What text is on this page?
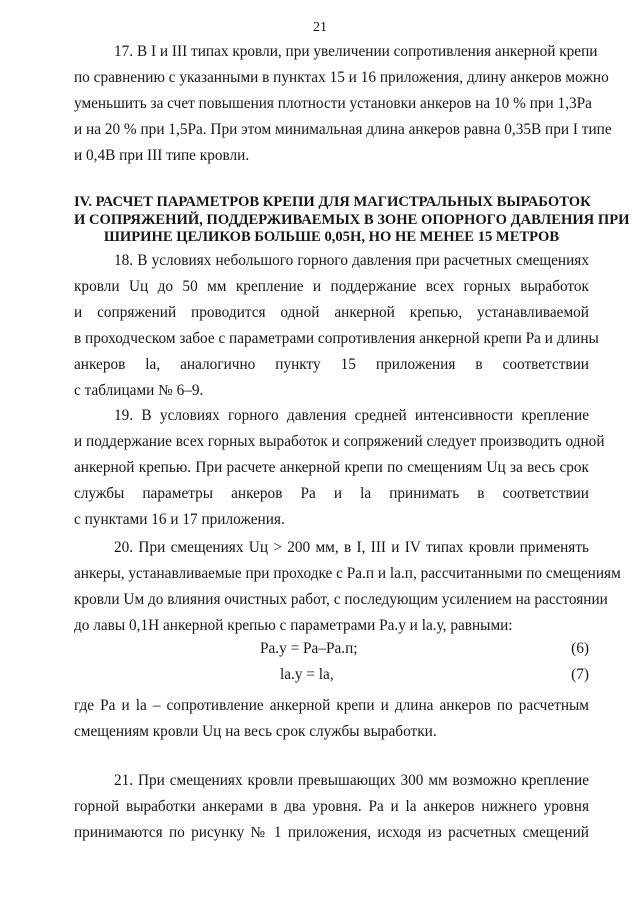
21
17. В I и III типах кровли, при увеличении сопротивления анкерной крепи
по сравнению с указанными в пунктах 15 и 16 приложения, длину анкеров можно
уменьшить за счет повышения плотности установки анкеров на 10 % при 1,3Pа
и на 20 % при 1,5Pа. При этом минимальная длина анкеров равна 0,35B при I типе
и 0,4B при III типе кровли.
IV. РАСЧЕТ ПАРАМЕТРОВ КРЕПИ ДЛЯ МАГИСТРАЛЬНЫХ ВЫРАБОТОК
И СОПРЯЖЕНИЙ, ПОДДЕРЖИВАЕМЫХ В ЗОНЕ ОПОРНОГО ДАВЛЕНИЯ ПРИ
ШИРИНЕ ЦЕЛИКОВ БОЛЬШЕ 0,05H, НО НЕ МЕНЕЕ 15 МЕТРОВ
18. В условиях небольшого горного давления при расчетных смещениях
кровли Uц до 50 мм крепление и поддержание всех горных выработок
и сопряжений проводится одной анкерной крепью, устанавливаемой
в проходческом забое с параметрами сопротивления анкерной крепи Pа и длины
анкеров lа, аналогично пункту 15 приложения в соответствии
с таблицами № 6–9.
19. В условиях горного давления средней интенсивности крепление
и поддержание всех горных выработок и сопряжений следует производить одной
анкерной крепью. При расчете анкерной крепи по смещениям Uц за весь срок
службы параметры анкеров Pа и lа принимать в соответствии
с пунктами 16 и 17 приложения.
20. При смещениях Uц > 200 мм, в I, III и IV типах кровли применять
анкеры, устанавливаемые при проходке с Pа.п и lа.п, рассчитанными по смещениям
кровли Uм до влияния очистных работ, с последующим усилением на расстоянии
до лавы 0,1H анкерной крепью с параметрами Pа.у и lа.у, равными:
Pа.у = Pа–Pа.п;	(6)
lа.у = lа,	(7)
где Pа и lа – сопротивление анкерной крепи и длина анкеров по расчетным
смещениям кровли Uц на весь срок службы выработки.
21. При смещениях кровли превышающих 300 мм возможно крепление
горной выработки анкерами в два уровня. Pа и lа анкеров нижнего уровня
принимаются по рисунку № 1 приложения, исходя из расчетных смещений
